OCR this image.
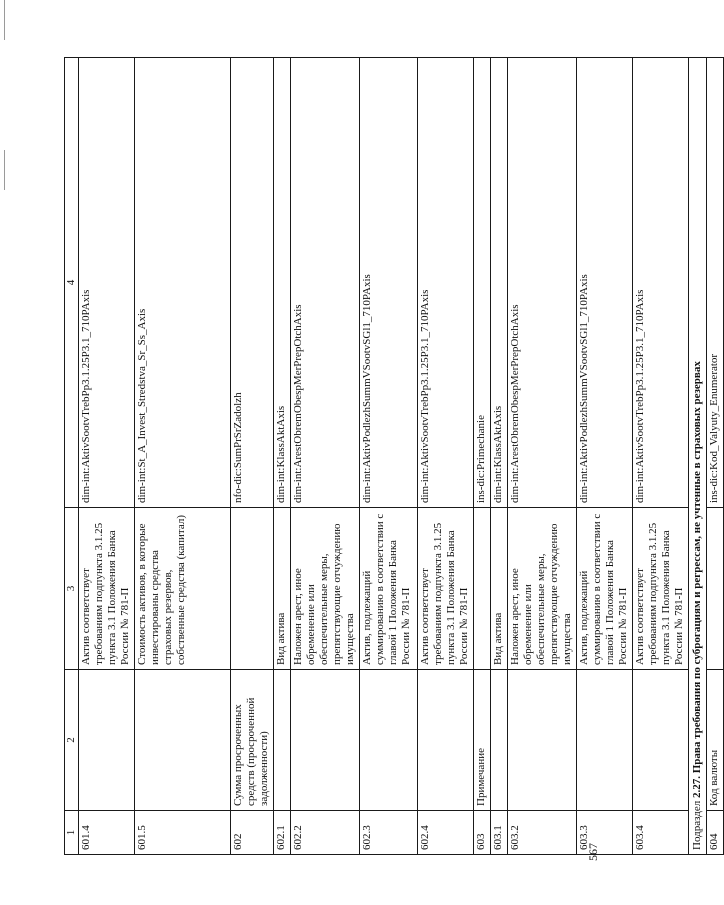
567
1	2	3	4
601.4		Актив соответствует требованиям подпункта 3.1.25 пункта 3.1 Положения Банка России № 781-П	dim-int:AktivSootvTrebPp3.1.25P3.1_710PAxis
601.5		Стоимость активов, в которые инвестированы средства страховых резервов, собственные средства (капитал)	dim-int:St_A_Invest_Stredstva_Sr_Ss_Axis
602	Сумма просроченных средств (просроченной задолженности)		nfo-dic:SumPrSrZadolzh
602.1		Вид актива	dim-int:KlassAktAxis
602.2		Наложен арест, иное обременение или обеспечительные меры, препятствующие отчуждению имущества	dim-int:ArestObremObespMerPrepOtchAxis
602.3		Актив, подлежащий суммированию в соответствии с главой 1 Положения Банка России № 781-П	dim-int:AktivPodlezhSummVSootvSGl1_710PAxis
602.4		Актив соответствует требованиям подпункта 3.1.25 пункта 3.1 Положения Банка России № 781-П	dim-int:AktivSootvTrebPp3.1.25P3.1_710PAxis
603	Примечание		ins-dic:Primechanie
603.1		Вид актива	dim-int:KlassAktAxis
603.2		Наложен арест, иное обременение или обеспечительные меры, препятствующие отчуждению имущества	dim-int:ArestObremObespMerPrepOtchAxis
603.3		Актив, подлежащий суммированию в соответствии с главой 1 Положения Банка России № 781-П	dim-int:AktivPodlezhSummVSootvSGl1_710PAxis
603.4		Актив соответствует требованиям подпункта 3.1.25 пункта 3.1 Положения Банка России № 781-П	dim-int:AktivSootvTrebPp3.1.25P3.1_710PAxis
Подраздел 2.27. Права требования по суброгациям и регрессам, не учтенные в страховых резервах			
604	Код валюты		ins-dic:Kod_Valyuty_Enumerator
